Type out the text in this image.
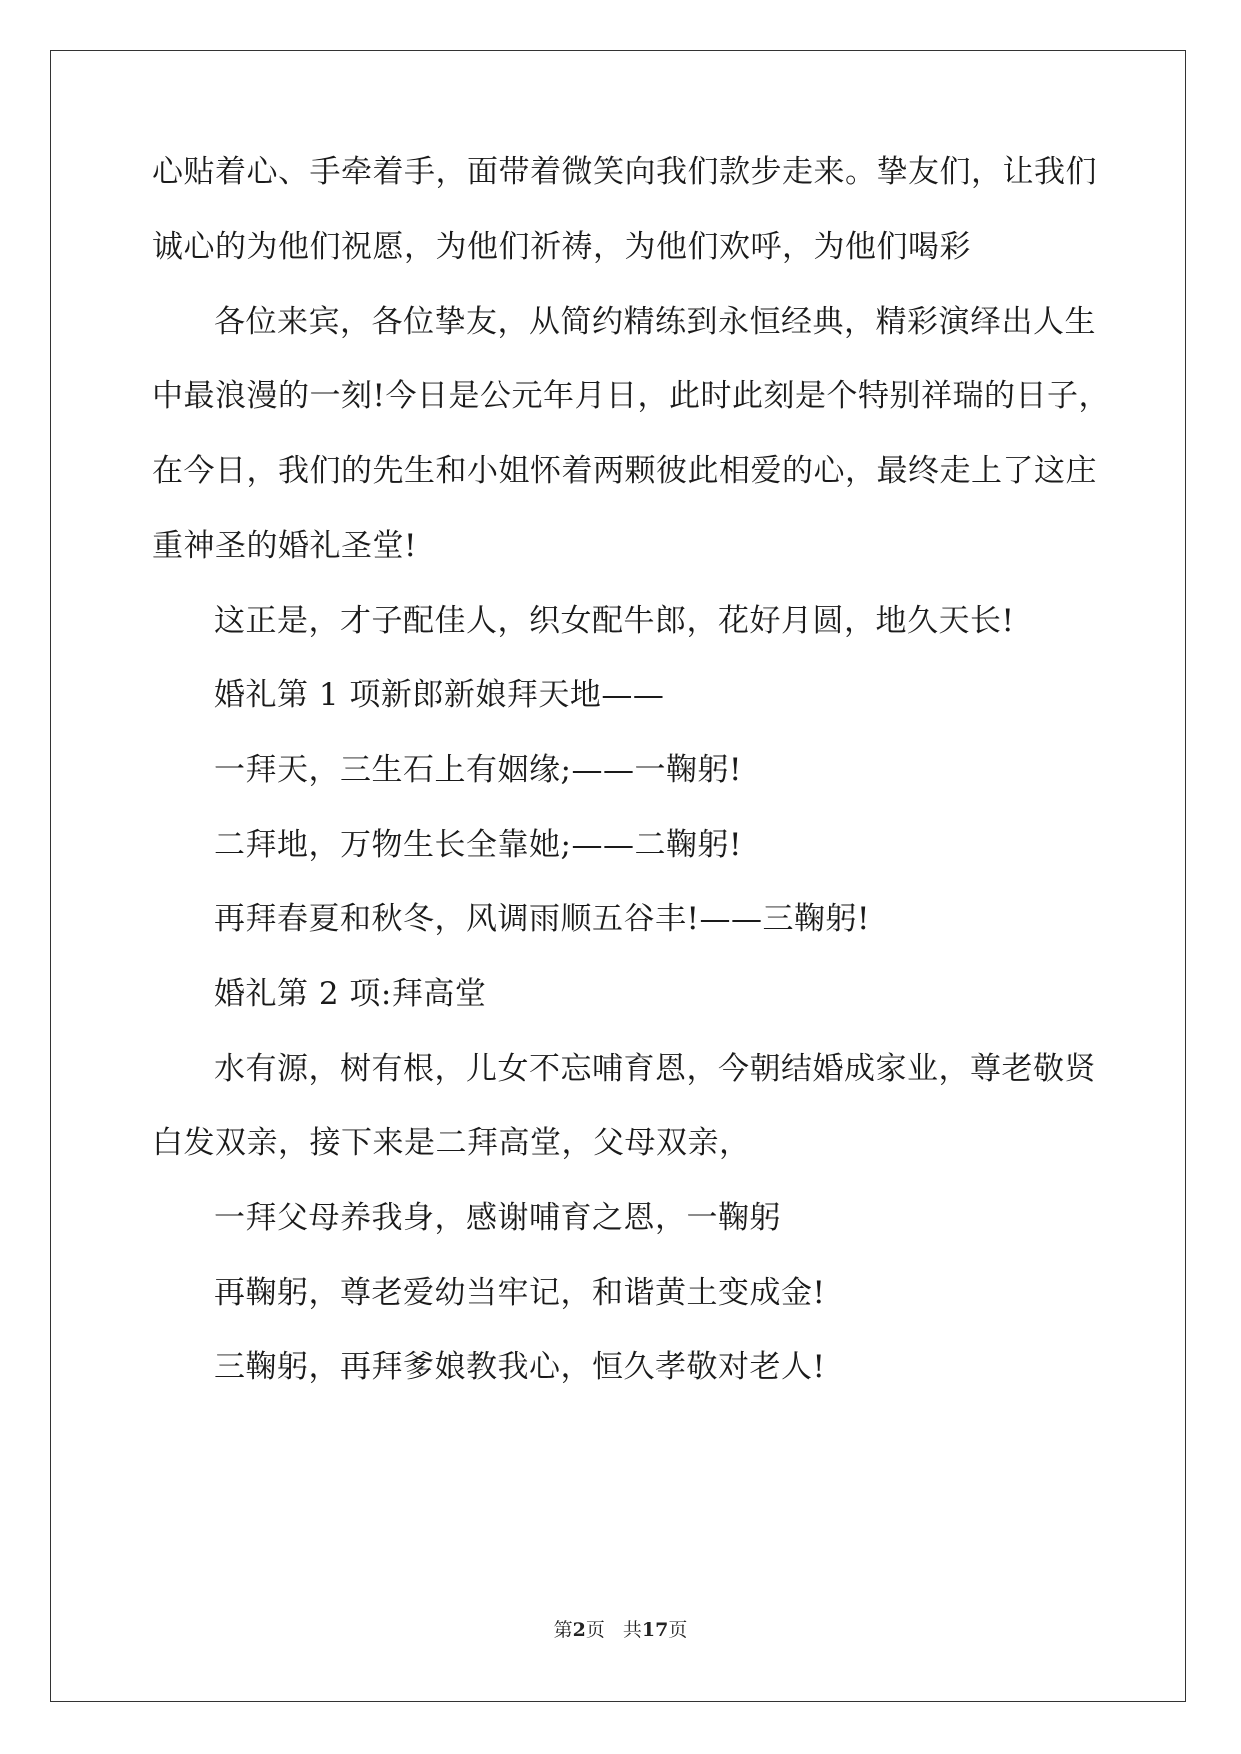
心贴着心、手牵着手，面带着微笑向我们款步走来。挚友们，让我们
诚心的为他们祝愿，为他们祈祷，为他们欢呼，为他们喝彩
各位来宾，各位挚友，从简约精练到永恒经典，精彩演绎出人生
中最浪漫的一刻!今日是公元年月日，此时此刻是个特别祥瑞的日子，
在今日，我们的先生和小姐怀着两颗彼此相爱的心，最终走上了这庄
重神圣的婚礼圣堂!
这正是，才子配佳人，织女配牛郎，花好月圆，地久天长!
婚礼第 1 项新郎新娘拜天地——
一拜天，三生石上有姻缘;——一鞠躬!
二拜地，万物生长全靠她;——二鞠躬!
再拜春夏和秋冬，风调雨顺五谷丰!——三鞠躬!
婚礼第 2 项:拜高堂
水有源，树有根，儿女不忘哺育恩，今朝结婚成家业，尊老敬贤
白发双亲，接下来是二拜高堂，父母双亲，
一拜父母养我身，感谢哺育之恩，一鞠躬
再鞠躬，尊老爱幼当牢记，和谐黄土变成金!
三鞠躬，再拜爹娘教我心，恒久孝敬对老人!
第2页 共17页
